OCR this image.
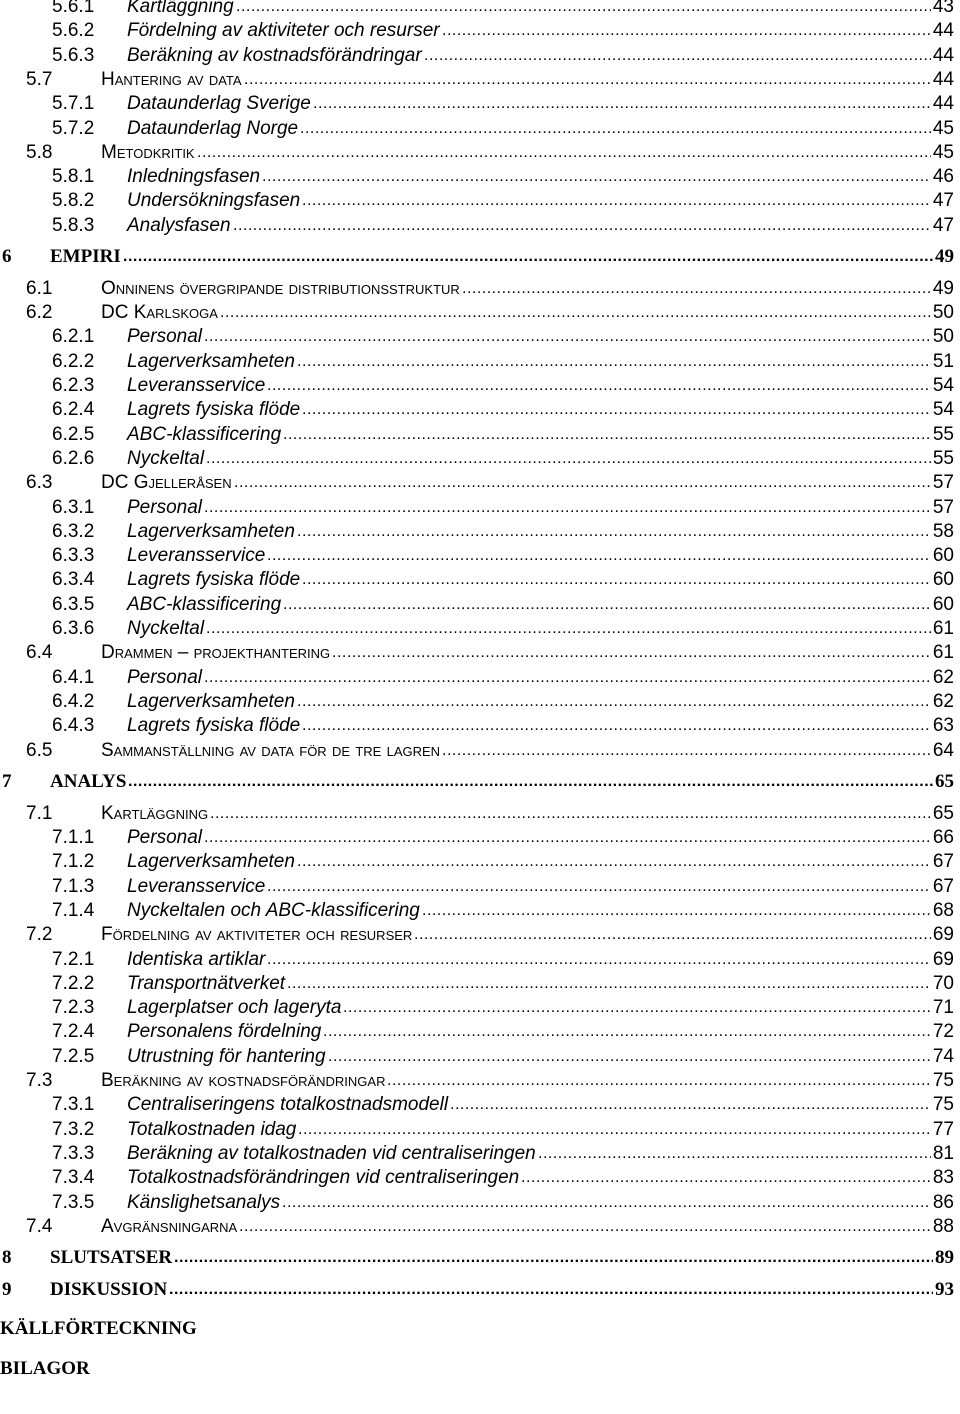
5.6.1 Kartläggning	43
.....
5.6.2 Fördelning av aktiviteter och resurser	44
.....
5.6.3 Beräkning av kostnadsförändringar	44
.....
5.7	Hantering av data	44
.....
5.7.1 Dataunderlag Sverige	44
.....
5.7.2 Dataunderlag Norge	45
.....
5.8	Metodkritik	45
.....
5.8.1 Inledningsfasen	46
.....
5.8.2 Undersökningsfasen	47
.....
5.8.3 Analysfasen	47
.....
6 EMPIRI	49
.....
6.1	Onninens övergripande distributionsstruktur	49
.....
6.2	DC Karlskoga	50
.....
6.2.1 Personal	50
.....
6.2.2 Lagerverksamheten	51
.....
6.2.3 Leveransservice	54
.....
6.2.4 Lagrets fysiska flöde	54
.....
6.2.5 ABC-klassificering	55
.....
6.2.6 Nyckeltal	55
.....
6.3	DC Gjelleråsen	57
.....
6.3.1 Personal	57
.....
6.3.2 Lagerverksamheten	58
.....
6.3.3 Leveransservice	60
.....
6.3.4 Lagrets fysiska flöde	60
.....
6.3.5 ABC-klassificering	60
.....
6.3.6 Nyckeltal	61
.....
6.4	Drammen – projekthantering	61
.....
6.4.1 Personal	62
.....
6.4.2 Lagerverksamheten	62
.....
6.4.3 Lagrets fysiska flöde	63
.....
6.5	Sammanställning av data för de tre lagren	64
.....
7 ANALYS	65
.....
7.1	Kartläggning	65
.....
7.1.1 Personal	66
.....
7.1.2 Lagerverksamheten	67
.....
7.1.3 Leveransservice	67
.....
7.1.4 Nyckeltalen och ABC-klassificering	68
.....
7.2	Fördelning av aktiviteter och resurser	69
.....
7.2.1 Identiska artiklar	69
.....
7.2.2 Transportnätverket	70
.....
7.2.3 Lagerplatser och lageryta	71
.....
7.2.4 Personalens fördelning	72
.....
7.2.5 Utrustning för hantering	74
.....
7.3	Beräkning av kostnadsförändringar	75
.....
7.3.1 Centraliseringens totalkostnadsmodell	75
.....
7.3.2 Totalkostnaden idag	77
.....
7.3.3 Beräkning av totalkostnaden vid centraliseringen	81
.....
7.3.4 Totalkostnadsförändringen vid centraliseringen	83
.....
7.3.5 Känslighetsanalys	86
.....
7.4	Avgränsningarna	88
.....
8 SLUTSATSER	89
.....
9 DISKUSSION	93
.....
KÄLLFÖRTECKNING
BILAGOR
